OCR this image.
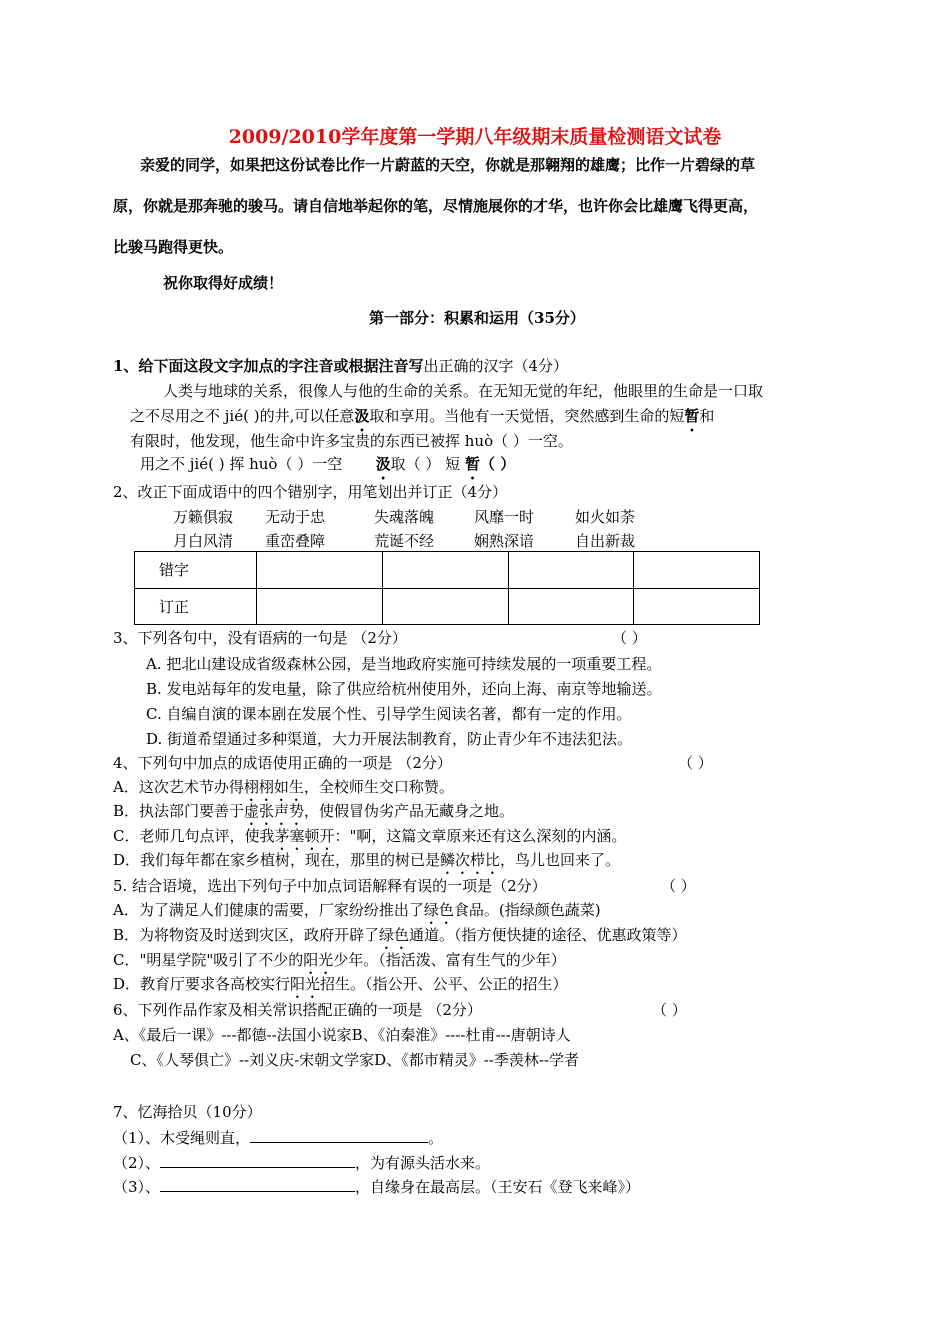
2009/2010学年度第一学期八年级期末质量检测语文试卷
亲爱的同学，如果把这份试卷比作一片蔚蓝的天空，你就是那翱翔的雄鹰；比作一片碧绿的草
原，你就是那奔驰的骏马。请自信地举起你的笔，尽情施展你的才华，也许你会比雄鹰飞得更高，
比骏马跑得更快。
祝你取得好成绩！
第一部分：积累和运用（35分）
1、给下面这段文字加点的字注音或根据注音写出正确的汉字（4分）
人类与地球的关系，很像人与他的生命的关系。在无知无觉的年纪，他眼里的生命是一口取
之不尽用之不 jié( )的井,可以任意汲取和享用。当他有一天觉悟，突然感到生命的短暂和
有限时，他发现，他生命中许多宝贵的东西已被挥 huò（ ）一空。
用之不 jié( ) 挥 huò（ ）一空 汲取（ ） 短 暂（ ）
2、改正下面成语中的四个错别字，用笔划出并订正（4分）
万籁俱寂 无动于忠	失魂落魄	风靡一时	如火如荼
月白风清 重峦叠障	荒诞不经	娴熟深谙	自出新裁
错字				
订正				
3、下列各句中，没有语病的一句是 （2分）	（ ）
A. 把北山建设成省级森林公园，是当地政府实施可持续发展的一项重要工程。
B. 发电站每年的发电量，除了供应给杭州使用外，还向上海、南京等地输送。
C. 自编自演的课本剧在发展个性、引导学生阅读名著，都有一定的作用。
D. 街道希望通过多种渠道，大力开展法制教育，防止青少年不违法犯法。
4、下列句中加点的成语使用正确的一项是 （2分）	（ ）
A．这次艺术节办得栩栩如生，全校师生交口称赞。
B．执法部门要善于虚张声势，使假冒伪劣产品无藏身之地。
C．老师几句点评，使我茅塞顿开："啊，这篇文章原来还有这么深刻的内涵。
D．我们每年都在家乡植树，现在，那里的树已是鳞次栉比，鸟儿也回来了。
5. 结合语境，选出下列句子中加点词语解释有误的一项是（2分）	（ ）
A．为了满足人们健康的需要，厂家纷纷推出了绿色食品。(指绿颜色蔬菜)
B．为将物资及时送到灾区，政府开辟了绿色通道。（指方便快捷的途径、优惠政策等）
C．"明星学院"吸引了不少的阳光少年。（指活泼、富有生气的少年）
D．教育厅要求各高校实行阳光招生。（指公开、公平、公正的招生）
6、下列作品作家及相关常识搭配正确的一项是 （2分）	（ ）
A、《最后一课》---都德--法国小说家B、《泊秦淮》----杜甫---唐朝诗人
C、《人琴俱亡》--刘义庆-宋朝文学家D、《都市精灵》--季羡林--学者
7、忆海拾贝（10分）
（1）、木受绳则直，	。
（2）、	，为有源头活水来。
（3）、	，自缘身在最高层。（王安石《登飞来峰》）
